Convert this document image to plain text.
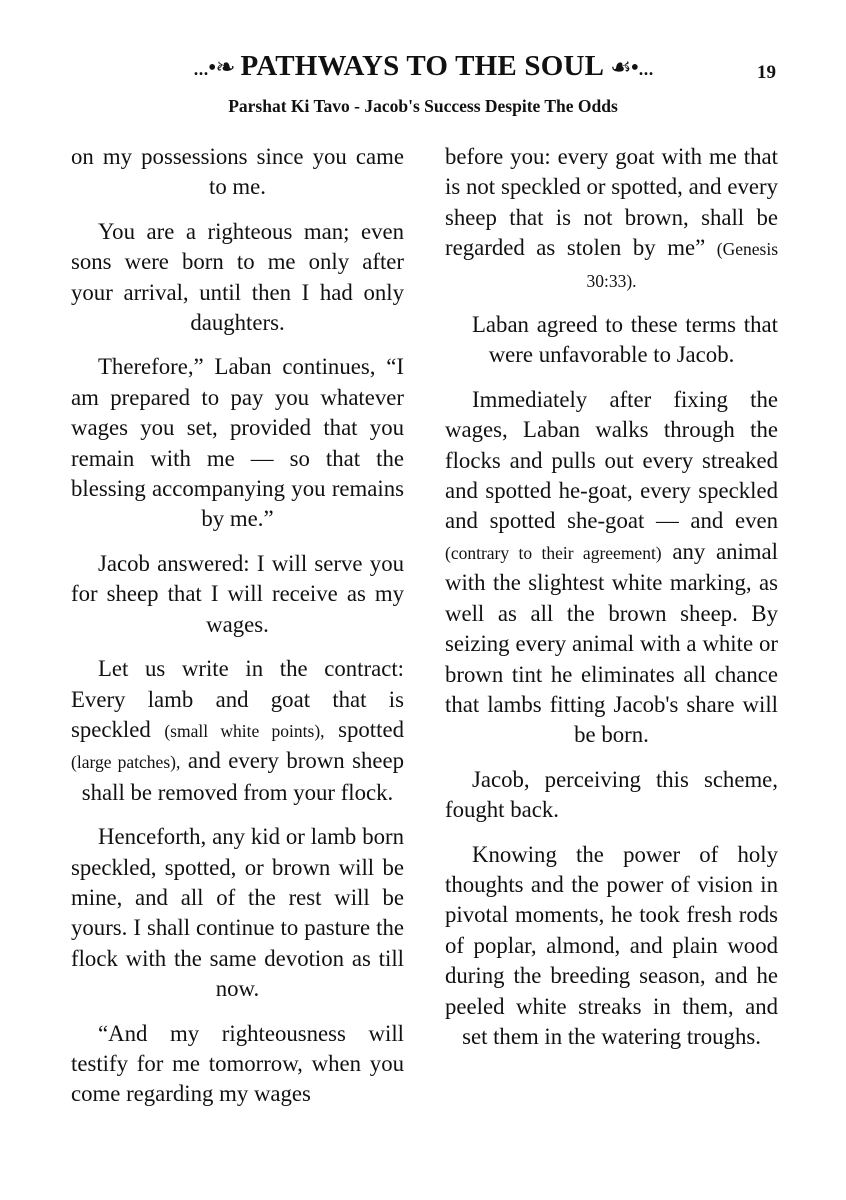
...•❧ PATHWAYS TO THE SOUL ☙•...	19
Parshat Ki Tavo - Jacob's Success Despite The Odds

on my possessions since you came to me.

You are a righteous man; even sons were born to me only after your arrival, until then I had only daughters.

Therefore,” Laban continues, “I am prepared to pay you whatever wages you set, provided that you remain with me — so that the blessing accompanying you remains by me.”

Jacob answered: I will serve you for sheep that I will receive as my wages.

Let us write in the contract: Every lamb and goat that is speckled (small white points), spotted (large patches), and every brown sheep shall be removed from your flock.

Henceforth, any kid or lamb born speckled, spotted, or brown will be mine, and all of the rest will be yours. I shall continue to pasture the flock with the same devotion as till now.

“And my righteousness will testify for me tomorrow, when you come regarding my wages

before you: every goat with me that is not speckled or spotted, and every sheep that is not brown, shall be regarded as stolen by me” (Genesis 30:33).

Laban agreed to these terms that were unfavorable to Jacob.

Immediately after fixing the wages, Laban walks through the flocks and pulls out every streaked and spotted he-goat, every speckled and spotted she-goat — and even (contrary to their agreement) any animal with the slightest white marking, as well as all the brown sheep. By seizing every animal with a white or brown tint he eliminates all chance that lambs fitting Jacob's share will be born.

Jacob, perceiving this scheme, fought back.

Knowing the power of holy thoughts and the power of vision in pivotal moments, he took fresh rods of poplar, almond, and plain wood during the breeding season, and he peeled white streaks in them, and set them in the watering troughs.
